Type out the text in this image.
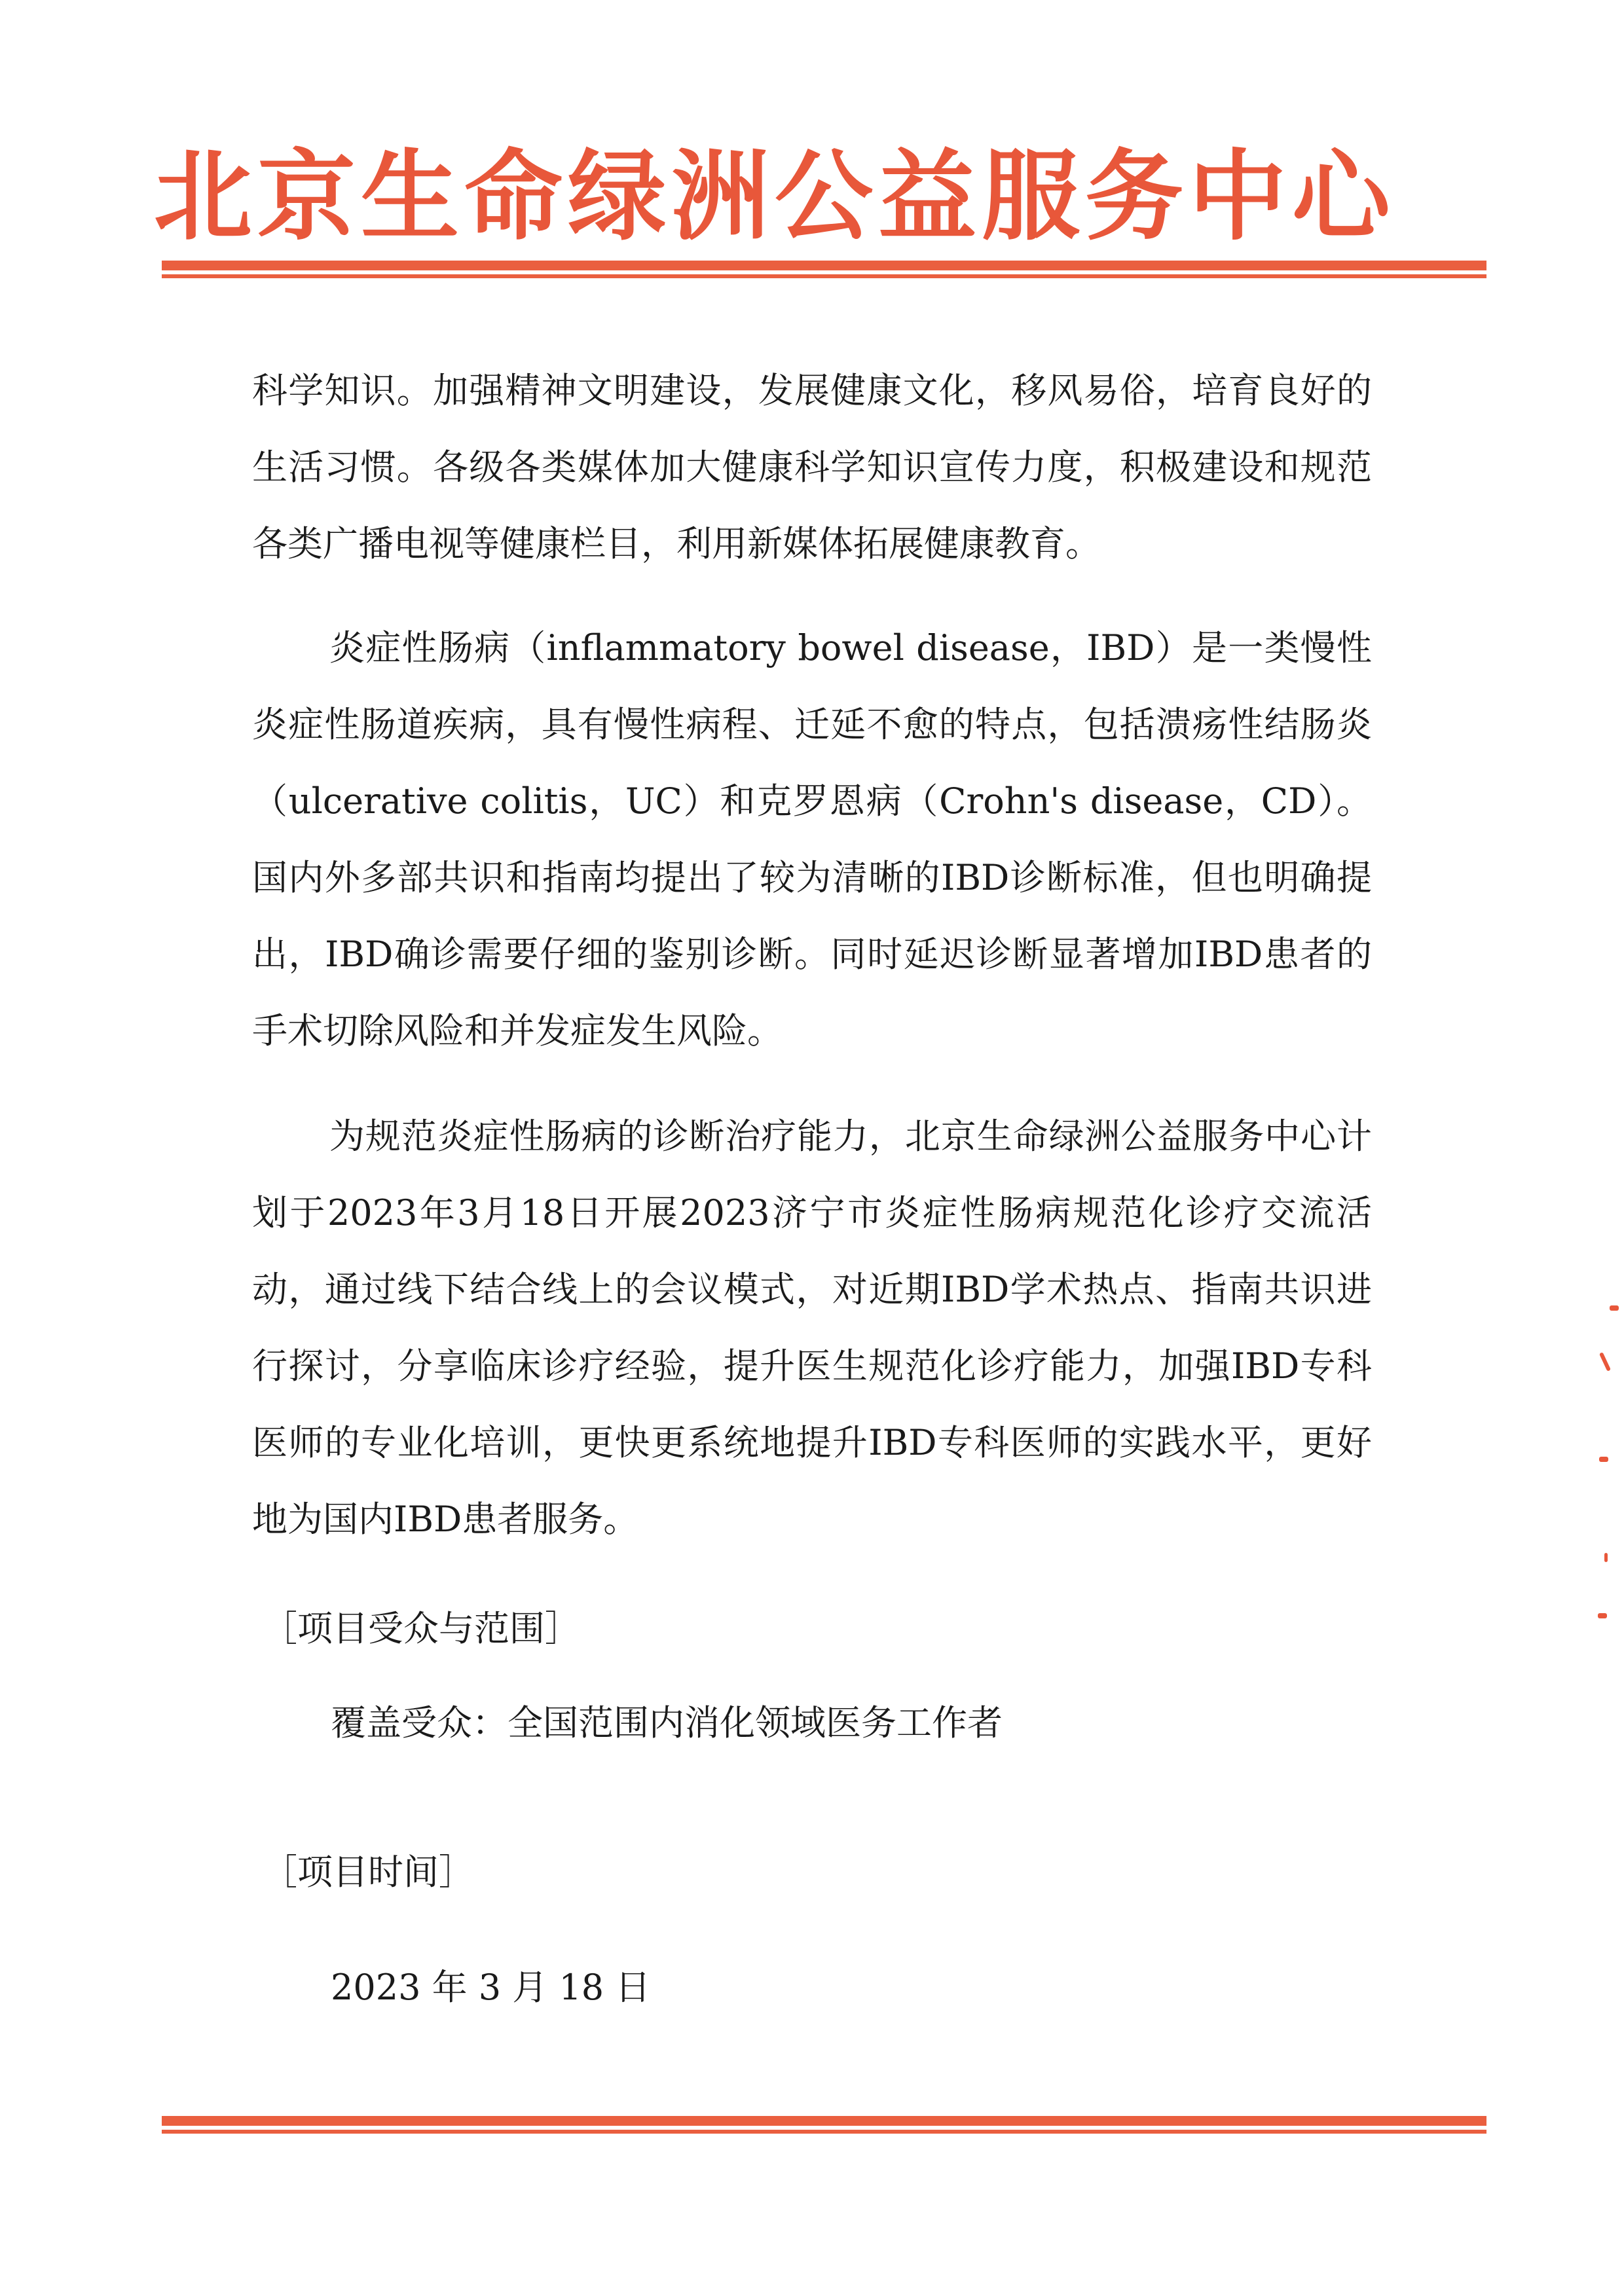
北京生命绿洲公益服务中心

科学知识。加强精神文明建设，发展健康文化，移风易俗，培育良好的生活习惯。各级各类媒体加大健康科学知识宣传力度，积极建设和规范各类广播电视等健康栏目，利用新媒体拓展健康教育。

炎症性肠病（inflammatory bowel disease，IBD）是一类慢性炎症性肠道疾病，具有慢性病程、迁延不愈的特点，包括溃疡性结肠炎（ulcerative colitis，UC）和克罗恩病（Crohn's disease，CD）。国内外多部共识和指南均提出了较为清晰的IBD诊断标准，但也明确提出，IBD确诊需要仔细的鉴别诊断。同时延迟诊断显著增加IBD患者的手术切除风险和并发症发生风险。

为规范炎症性肠病的诊断治疗能力，北京生命绿洲公益服务中心计划于2023年3月18日开展2023济宁市炎症性肠病规范化诊疗交流活动，通过线下结合线上的会议模式，对近期IBD学术热点、指南共识进行探讨，分享临床诊疗经验，提升医生规范化诊疗能力，加强IBD专科医师的专业化培训，更快更系统地提升IBD专科医师的实践水平，更好地为国内IBD患者服务。

［项目受众与范围］
覆盖受众：全国范围内消化领域医务工作者
［项目时间］
2023 年 3 月 18 日
